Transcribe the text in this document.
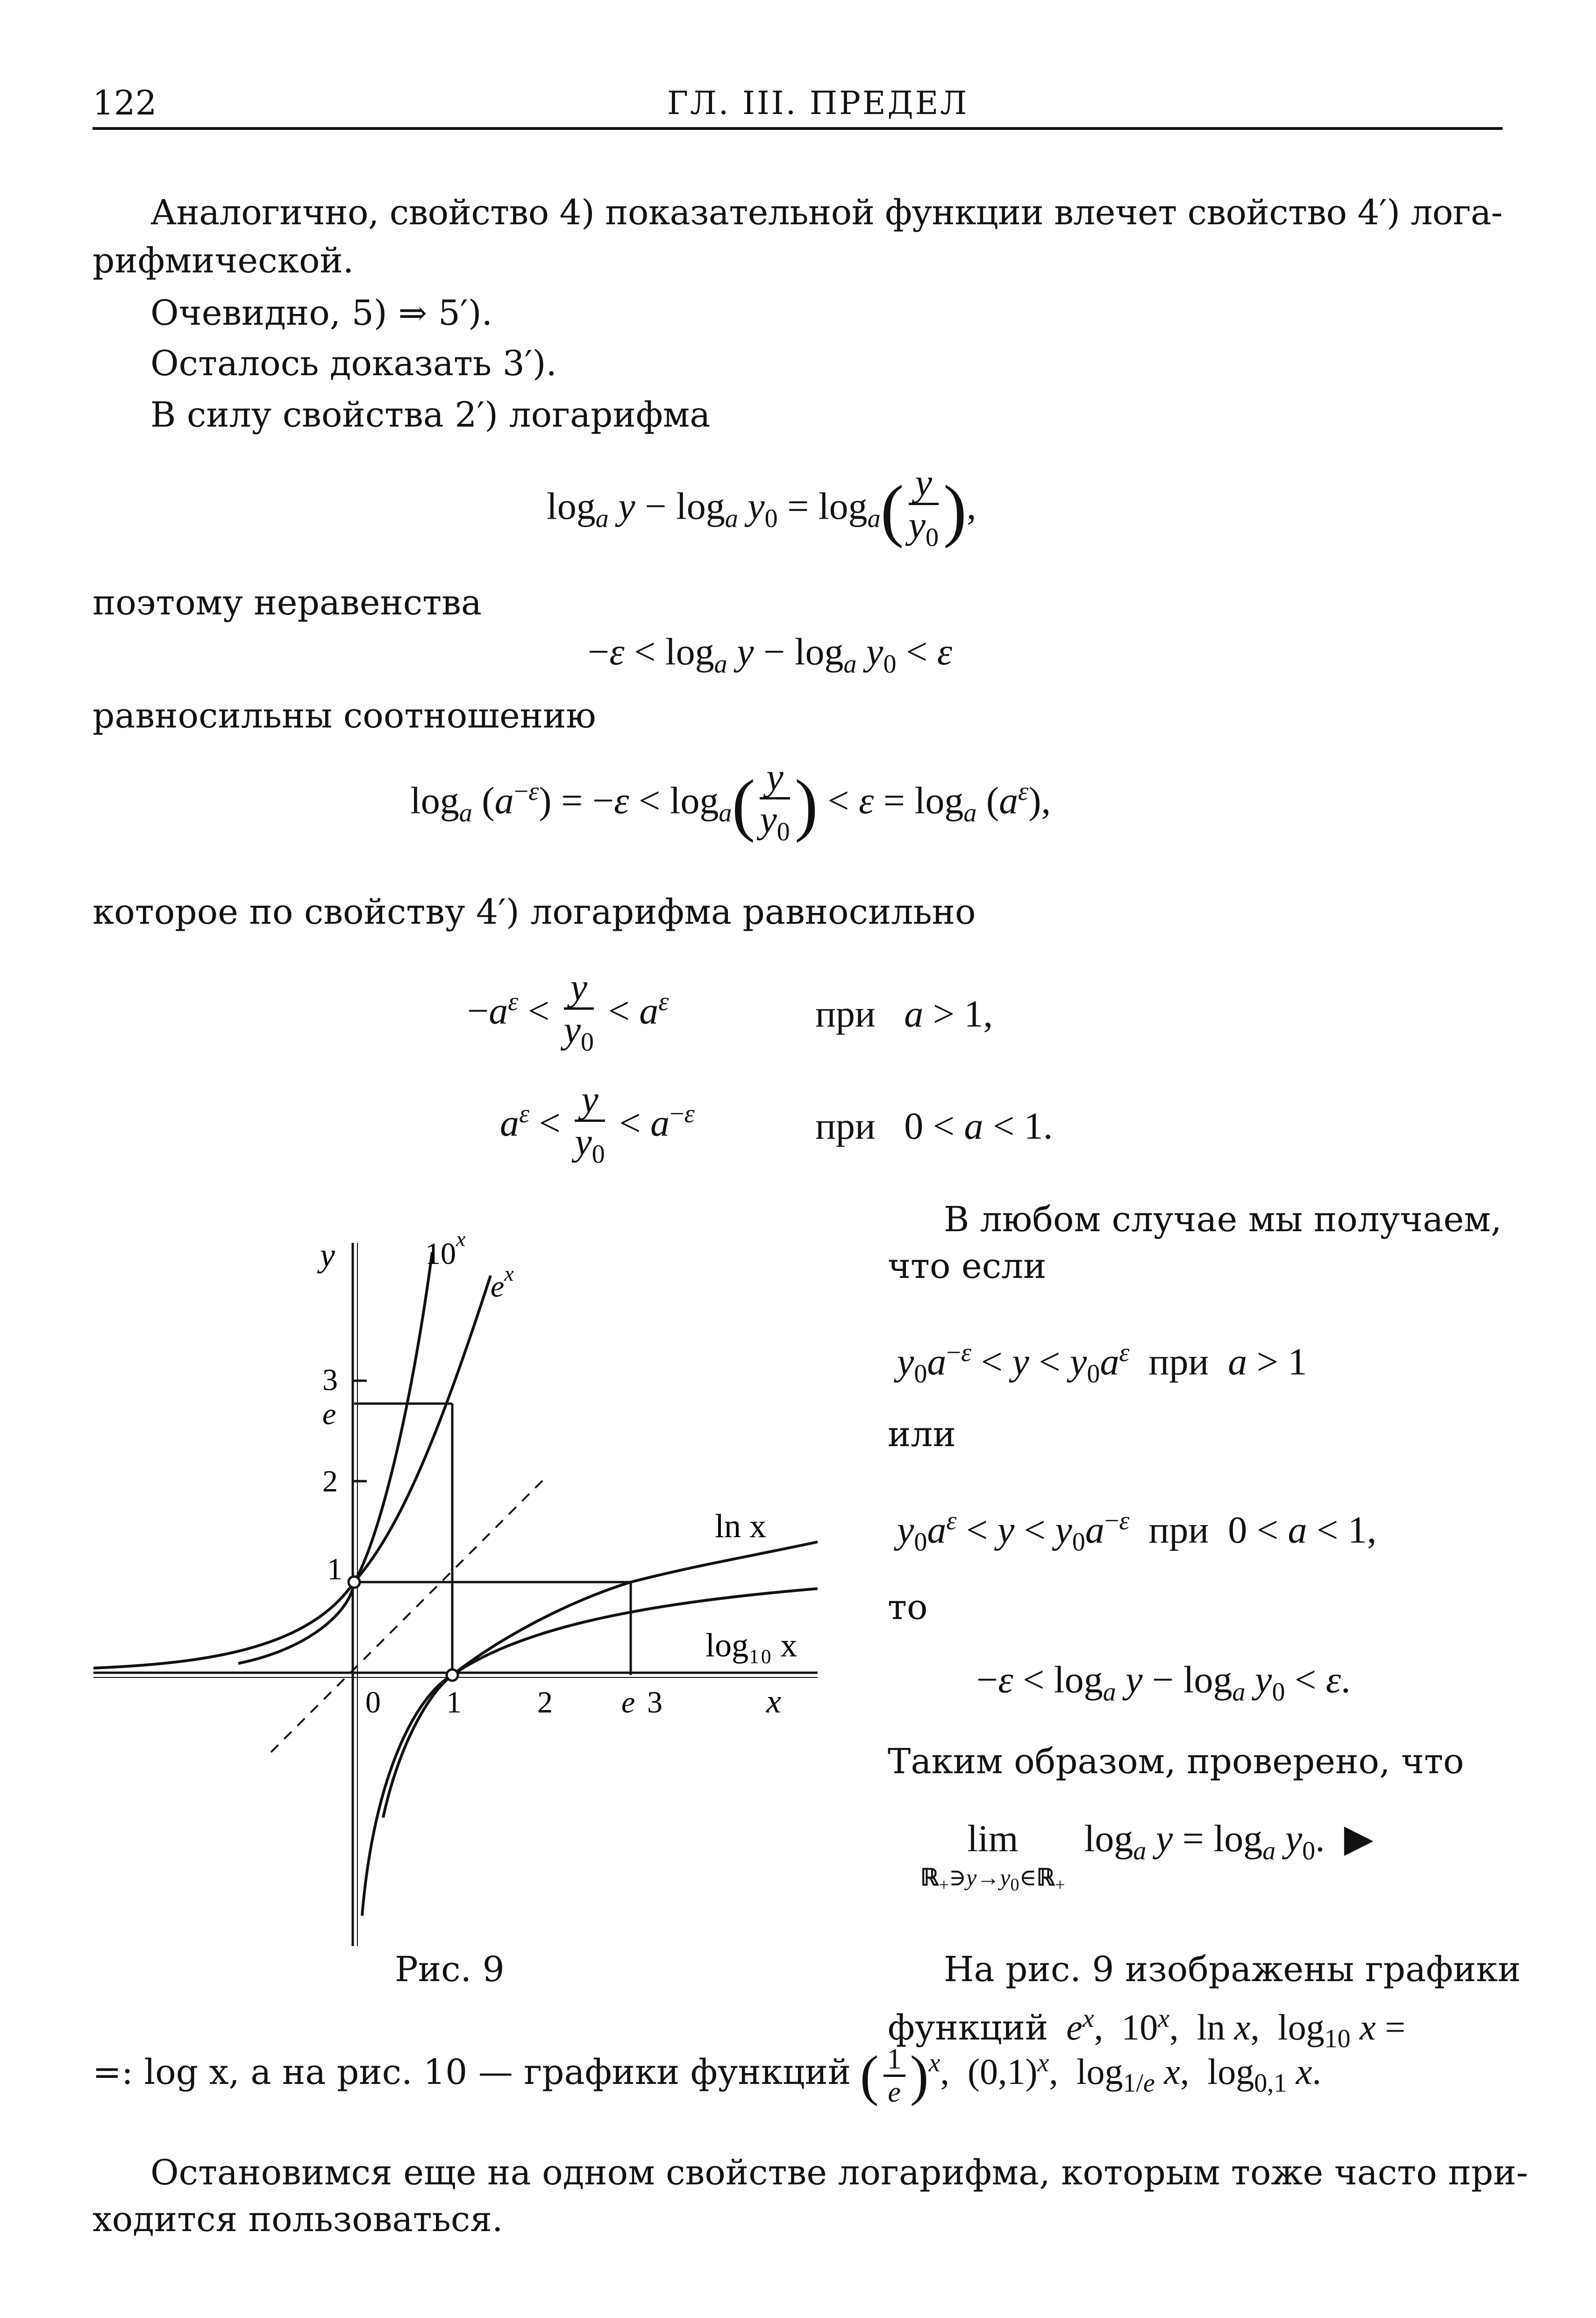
122	ГЛ. III. ПРЕДЕЛ
Аналогично, свойство 4) показательной функции влечет свойство 4′) лога-
рифмической.
Очевидно, 5) ⇒ 5′).
Осталось доказать 3′).
В силу свойства 2′) логарифма
$\log_a y - \log_a y_0 = \log_a( \frac{y}{y_0}$ ),
поэтому неравенства
$-\varepsilon < \log_a y - \log_a y_0 < \varepsilon$
равносильны соотношению
$\log_a (a^{-\varepsilon}) = -\varepsilon < \log_a( \frac{y}{y_0}$ ) < $\varepsilon = \log_a (a^\varepsilon)$,
которое по свойству 4′) логарифма равносильно
$-a^\varepsilon < \frac{y}{y_0} < a^\varepsilon$	при a > 1,
$a^\varepsilon < \frac{y}{y_0} < a^{-\varepsilon}$	при   0 < a < 1.
y
x
10$^x$
$e^x$
ln x
log₁₀ x
3
e
2
1
0 1 2 e 3
Рис. 9
В любом случае мы получаем,
что если
$y_0a^{-\varepsilon} < y < y_0a^\varepsilon$ при a > 1
или
$y_0a^\varepsilon < y < y_0a^{-\varepsilon}$ при  0 < a < 1,
то
$-\varepsilon < \log_a y - \log_a y_0 < \varepsilon$.
Таким образом, проверено, что
lim
$ℝ_+∋y\to y_0\in ℝ_+$
$\log_a y = \log_a y_0$.  ▶
На рис. 9 изображены графики
функций $e^x$,  10$^x$,  ln x,  $\log_{10} x$ =
=: log x, а на рис. 10 — графики функций ( $\frac{1}{e} )^x$,  $(0,1)^x$,  $\log_{1/e} x$,  $\log_{0,1} x$.
Остановимся еще на одном свойстве логарифма, которым тоже часто при-
ходится пользоваться.
